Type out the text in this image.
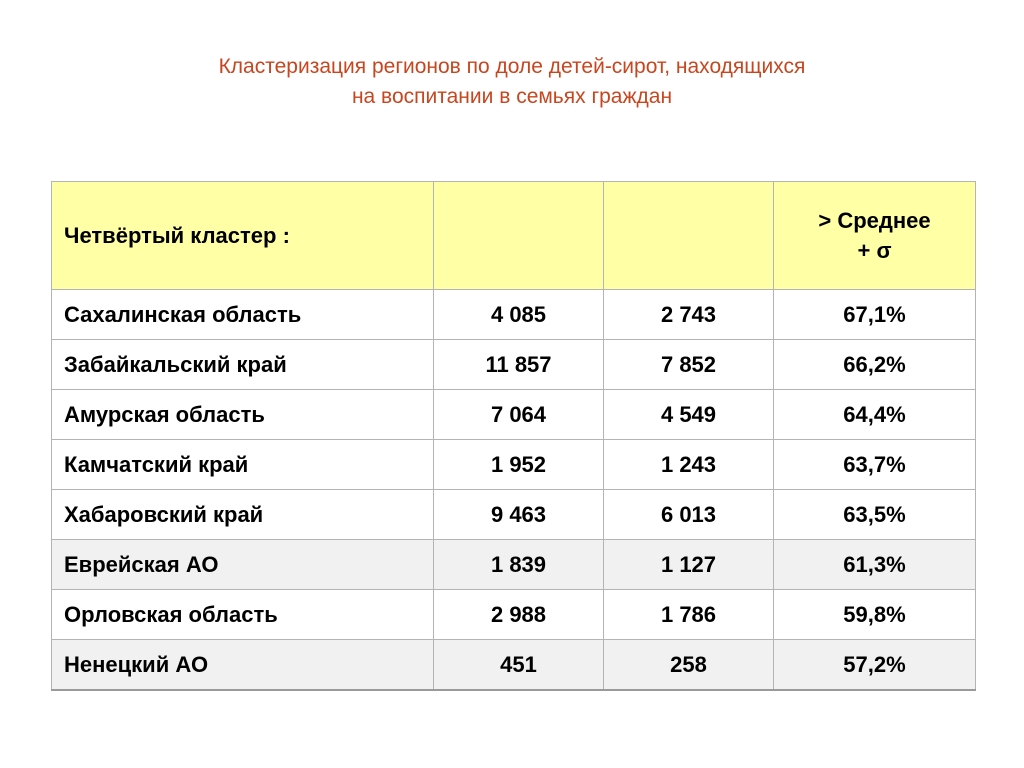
Кластеризация регионов по доле детей-сирот, находящихся
на воспитании в семьях граждан
Четвёртый кластер :			> Среднее
+ σ

Сахалинская область	4 085	2 743	67,1%
Забайкальский край	11 857	7 852	66,2%
Амурская область	7 064	4 549	64,4%
Камчатский край	1 952	1 243	63,7%
Хабаровский край	9 463	6 013	63,5%
Еврейская АО	1 839	1 127	61,3%
Орловская область	2 988	1 786	59,8%
Ненецкий АО	451	258	57,2%
